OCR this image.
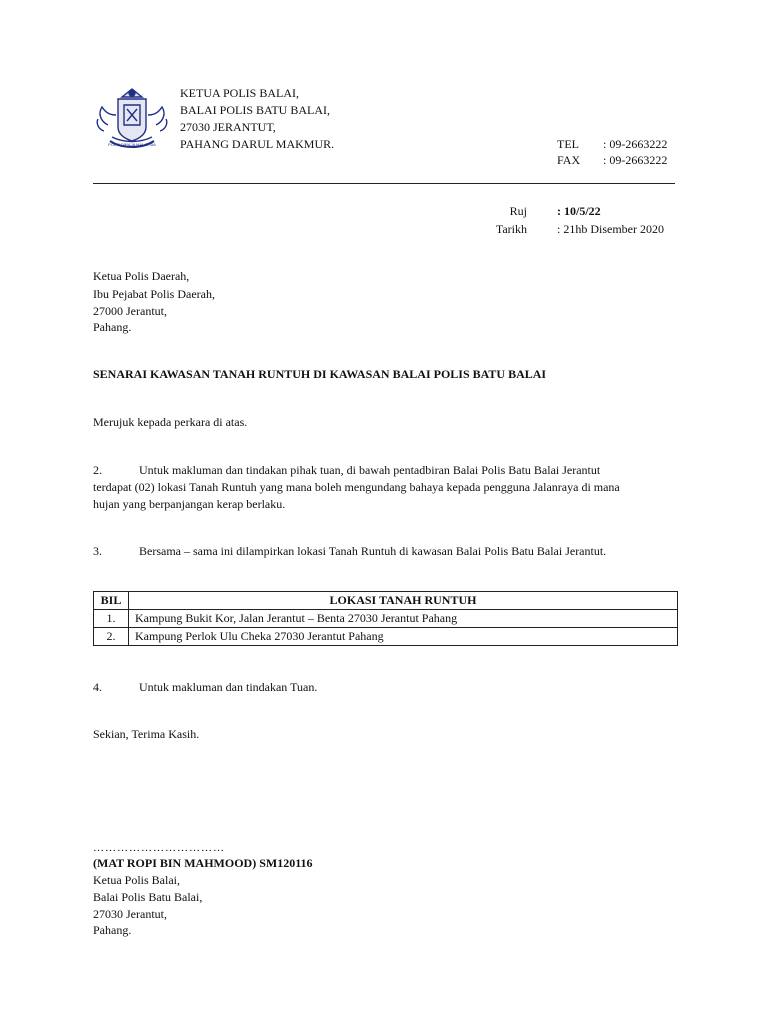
POLIS DIRAJA MALAYSIA
KETUA POLIS BALAI,
BALAI POLIS BATU BALAI,
27030 JERANTUT,
PAHANG DARUL MAKMUR.	TEL : 09-2663222
FAX : 09-2663222
Ruj	: 10/5/22
Tarikh	: 21hb Disember 2020
Ketua Polis Daerah,
Ibu Pejabat Polis Daerah,
27000 Jerantut,
Pahang.
SENARAI KAWASAN TANAH RUNTUH DI KAWASAN BALAI POLIS BATU BALAI
Merujuk kepada perkara di atas.
2.	Untuk makluman dan tindakan pihak tuan, di bawah pentadbiran Balai Polis Batu Balai Jerantut
terdapat (02) lokasi Tanah Runtuh yang mana boleh mengundang bahaya kepada pengguna Jalanraya di mana
hujan yang berpanjangan kerap berlaku.
3.	Bersama – sama ini dilampirkan lokasi Tanah Runtuh di kawasan Balai Polis Batu Balai Jerantut.
BIL	LOKASI TANAH RUNTUH
1.	Kampung Bukit Kor, Jalan Jerantut – Benta 27030 Jerantut Pahang
2.	Kampung Perlok Ulu Cheka 27030 Jerantut Pahang
4.	Untuk makluman dan tindakan Tuan.
Sekian, Terima Kasih.
……………………………
(MAT ROPI BIN MAHMOOD) SM120116
Ketua Polis Balai,
Balai Polis Batu Balai,
27030 Jerantut,
Pahang.
